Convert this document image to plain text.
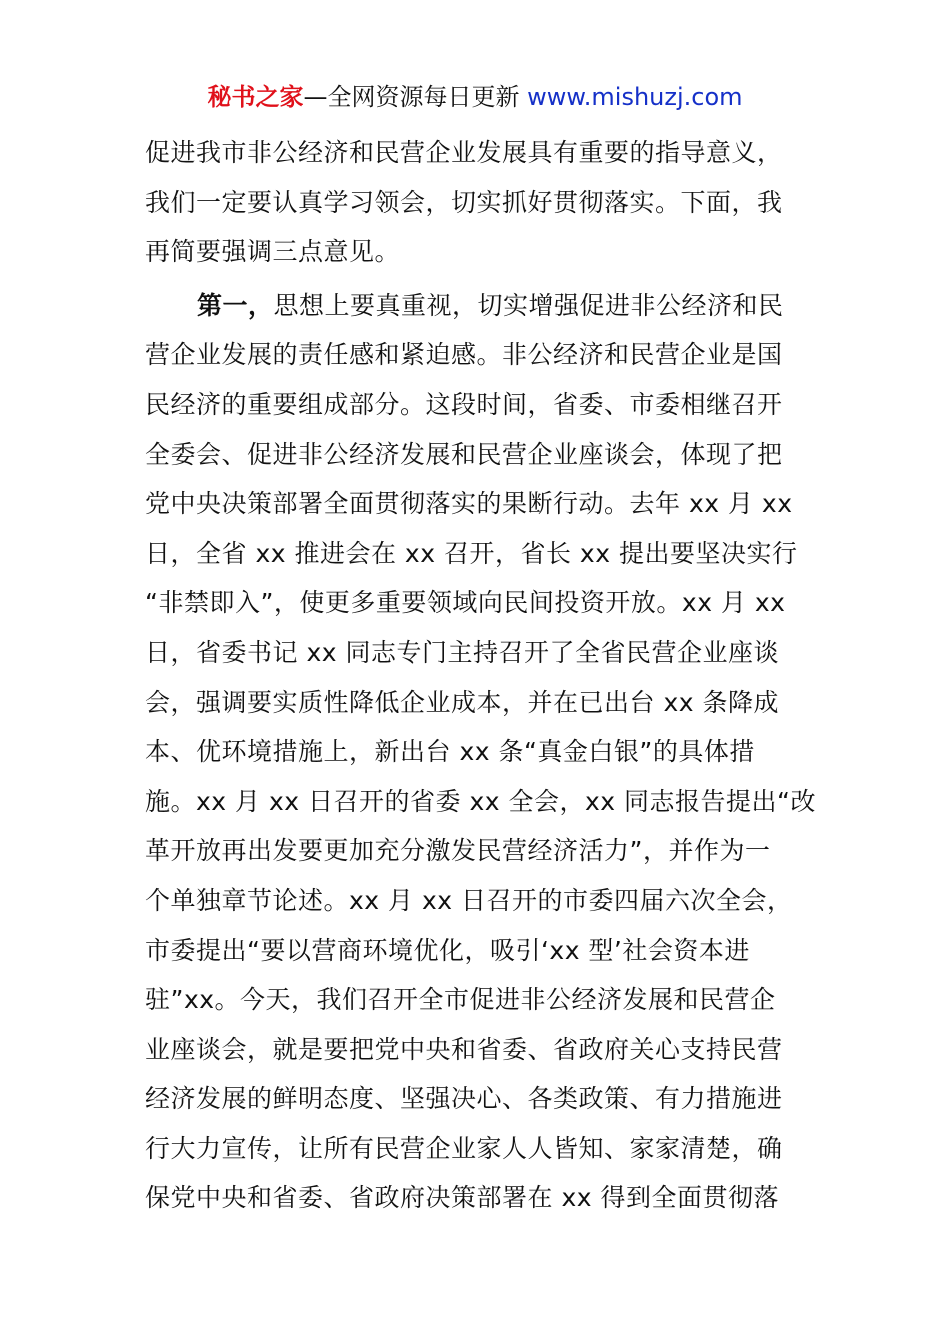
秘书之家—全网资源每日更新 www.mishuzj.com
促进我市非公经济和民营企业发展具有重要的指导意义，
我们一定要认真学习领会，切实抓好贯彻落实。下面，我
再简要强调三点意见。
第一，思想上要真重视，切实增强促进非公经济和民
营企业发展的责任感和紧迫感。非公经济和民营企业是国
民经济的重要组成部分。这段时间，省委、市委相继召开
全委会、促进非公经济发展和民营企业座谈会，体现了把
党中央决策部署全面贯彻落实的果断行动。去年 xx 月 xx
日，全省 xx 推进会在 xx 召开，省长 xx 提出要坚决实行
“非禁即入”，使更多重要领域向民间投资开放。xx 月 xx
日，省委书记 xx 同志专门主持召开了全省民营企业座谈
会，强调要实质性降低企业成本，并在已出台 xx 条降成
本、优环境措施上，新出台 xx 条“真金白银”的具体措
施。xx 月 xx 日召开的省委 xx 全会，xx 同志报告提出“改
革开放再出发要更加充分激发民营经济活力”，并作为一
个单独章节论述。xx 月 xx 日召开的市委四届六次全会，
市委提出“要以营商环境优化，吸引‘xx 型’社会资本进
驻”xx。今天，我们召开全市促进非公经济发展和民营企
业座谈会，就是要把党中央和省委、省政府关心支持民营
经济发展的鲜明态度、坚强决心、各类政策、有力措施进
行大力宣传，让所有民营企业家人人皆知、家家清楚，确
保党中央和省委、省政府决策部署在 xx 得到全面贯彻落
